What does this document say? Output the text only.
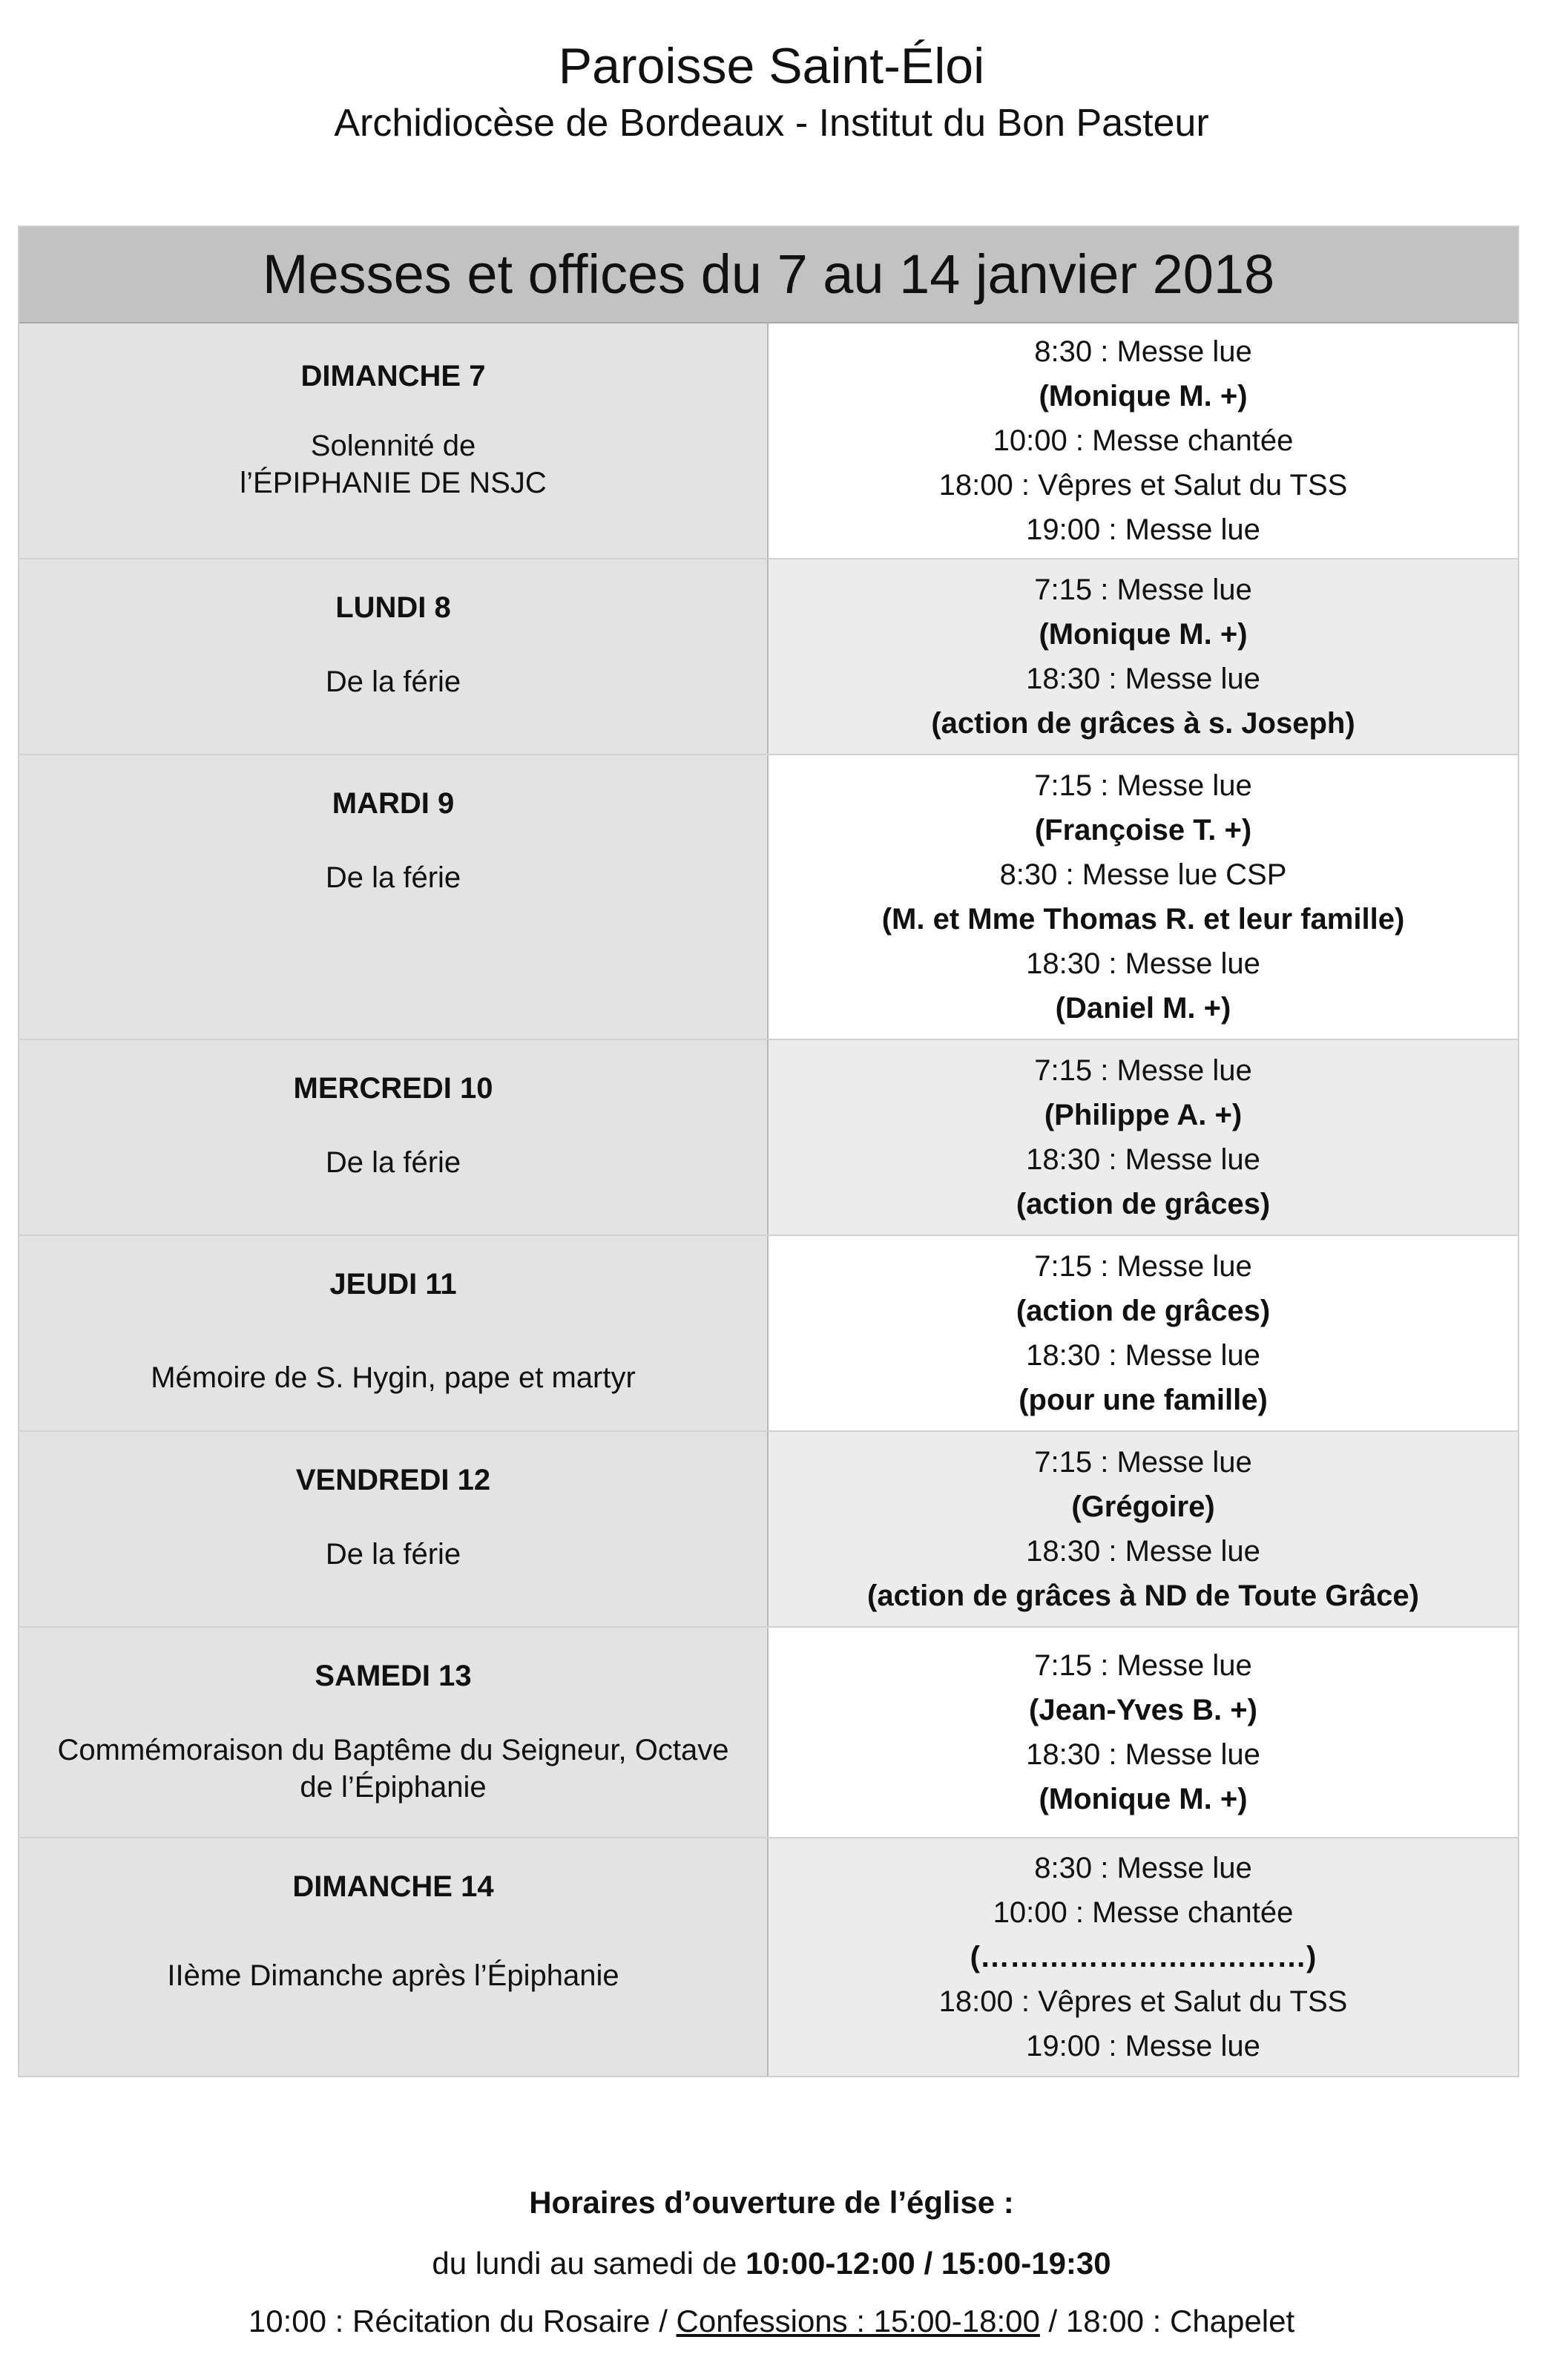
Paroisse Saint-Éloi
Archidiocèse de Bordeaux - Institut du Bon Pasteur
Messes et offices du 7 au 14 janvier 2018
DIMANCHE 7
Solennité de
l’ÉPIPHANIE DE NSJC
8:30 : Messe lue
(Monique M. +)
10:00 : Messe chantée
18:00 : Vêpres et Salut du TSS
19:00 : Messe lue
LUNDI 8
De la férie
7:15 : Messe lue
(Monique M. +)
18:30 : Messe lue
(action de grâces à s. Joseph)
MARDI 9
De la férie
7:15 : Messe lue
(Françoise T. +)
8:30 : Messe lue CSP
(M. et Mme Thomas R. et leur famille)
18:30 : Messe lue
(Daniel M. +)
MERCREDI 10
De la férie
7:15 : Messe lue
(Philippe A. +)
18:30 : Messe lue
(action de grâces)
JEUDI 11
Mémoire de S. Hygin, pape et martyr
7:15 : Messe lue
(action de grâces)
18:30 : Messe lue
(pour une famille)
VENDREDI 12
De la férie
7:15 : Messe lue
(Grégoire)
18:30 : Messe lue
(action de grâces à ND de Toute Grâce)
SAMEDI 13
Commémoraison du Baptême du Seigneur, Octave
de l’Épiphanie
7:15 : Messe lue
(Jean-Yves B. +)
18:30 : Messe lue
(Monique M. +)
DIMANCHE 14
IIème Dimanche après l’Épiphanie
8:30 : Messe lue
10:00 : Messe chantée
(……………………………)
18:00 : Vêpres et Salut du TSS
19:00 : Messe lue
Horaires d’ouverture de l’église :
du lundi au samedi de 10:00-12:00 / 15:00-19:30
10:00 : Récitation du Rosaire / Confessions : 15:00-18:00 / 18:00 : Chapelet
